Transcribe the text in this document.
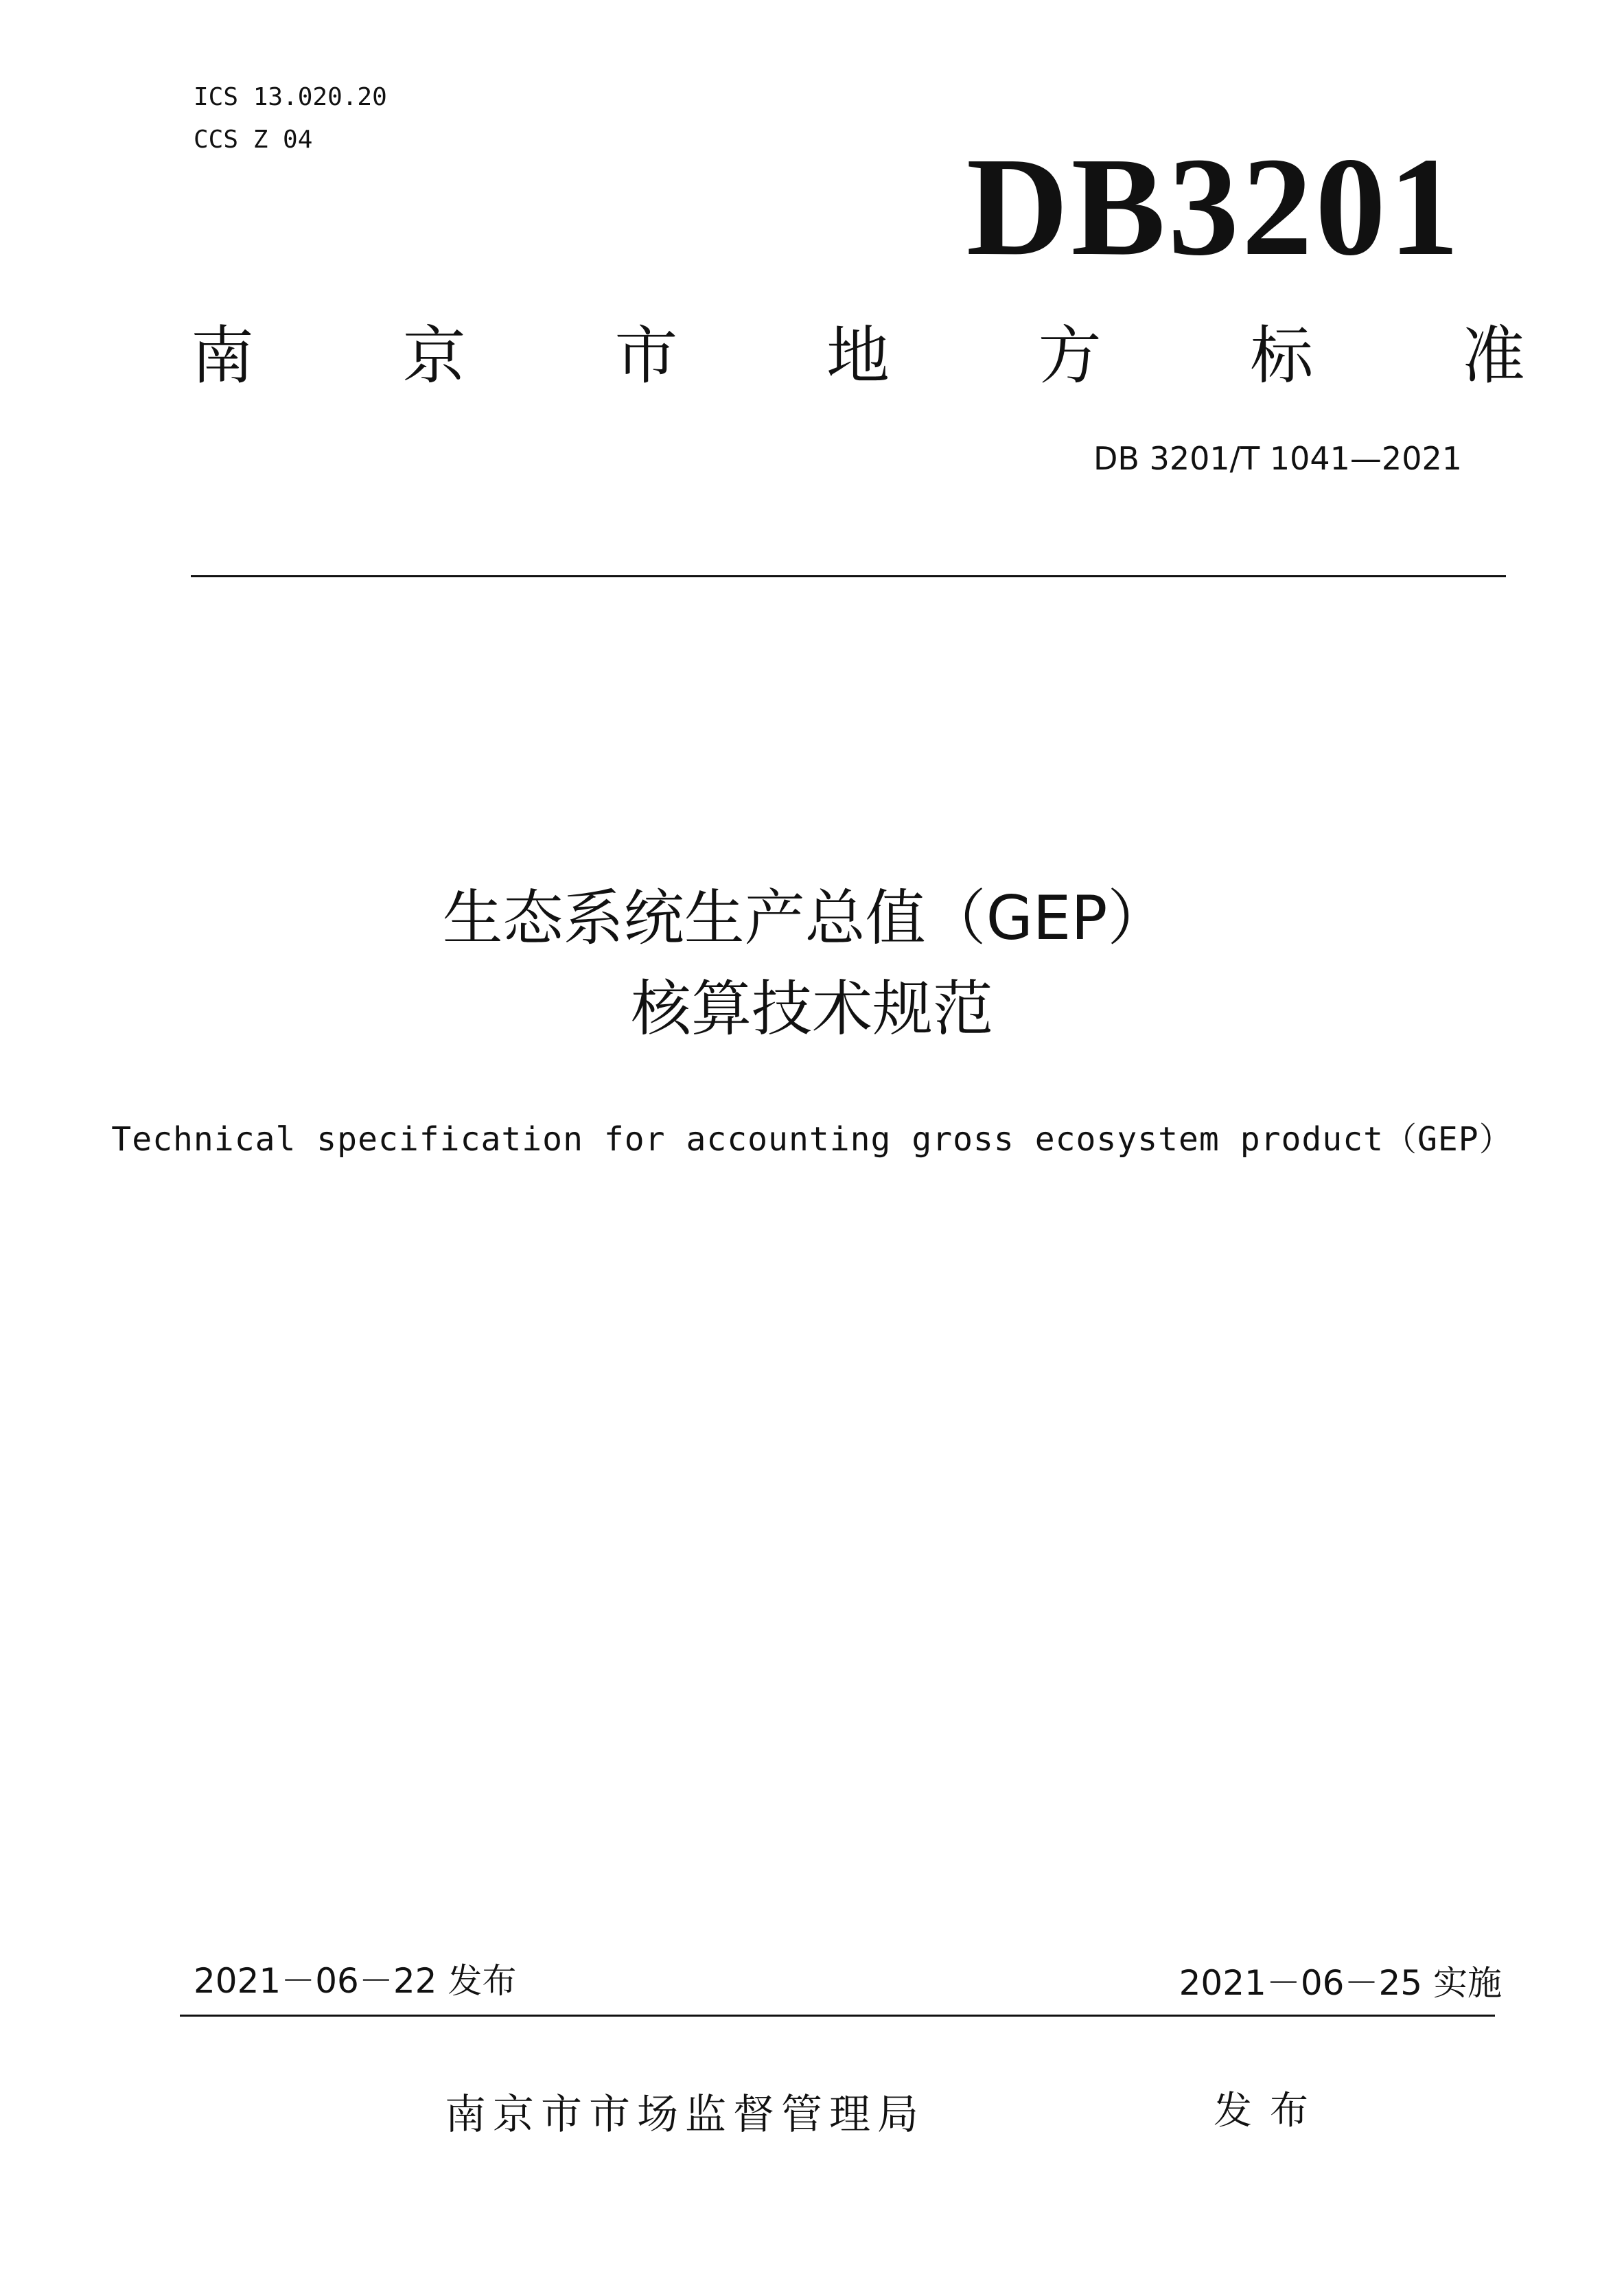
ICS 13.020.20
CCS Z 04	DB3201
南 京 市 地 方 标 准
DB 3201/T 1041—2021
生态系统生产总值（GEP）
核算技术规范
Technical specification for accounting gross ecosystem product（GEP）
2021－06－22 发布	2021－06－25 实施
南京市市场监督管理局	发布
